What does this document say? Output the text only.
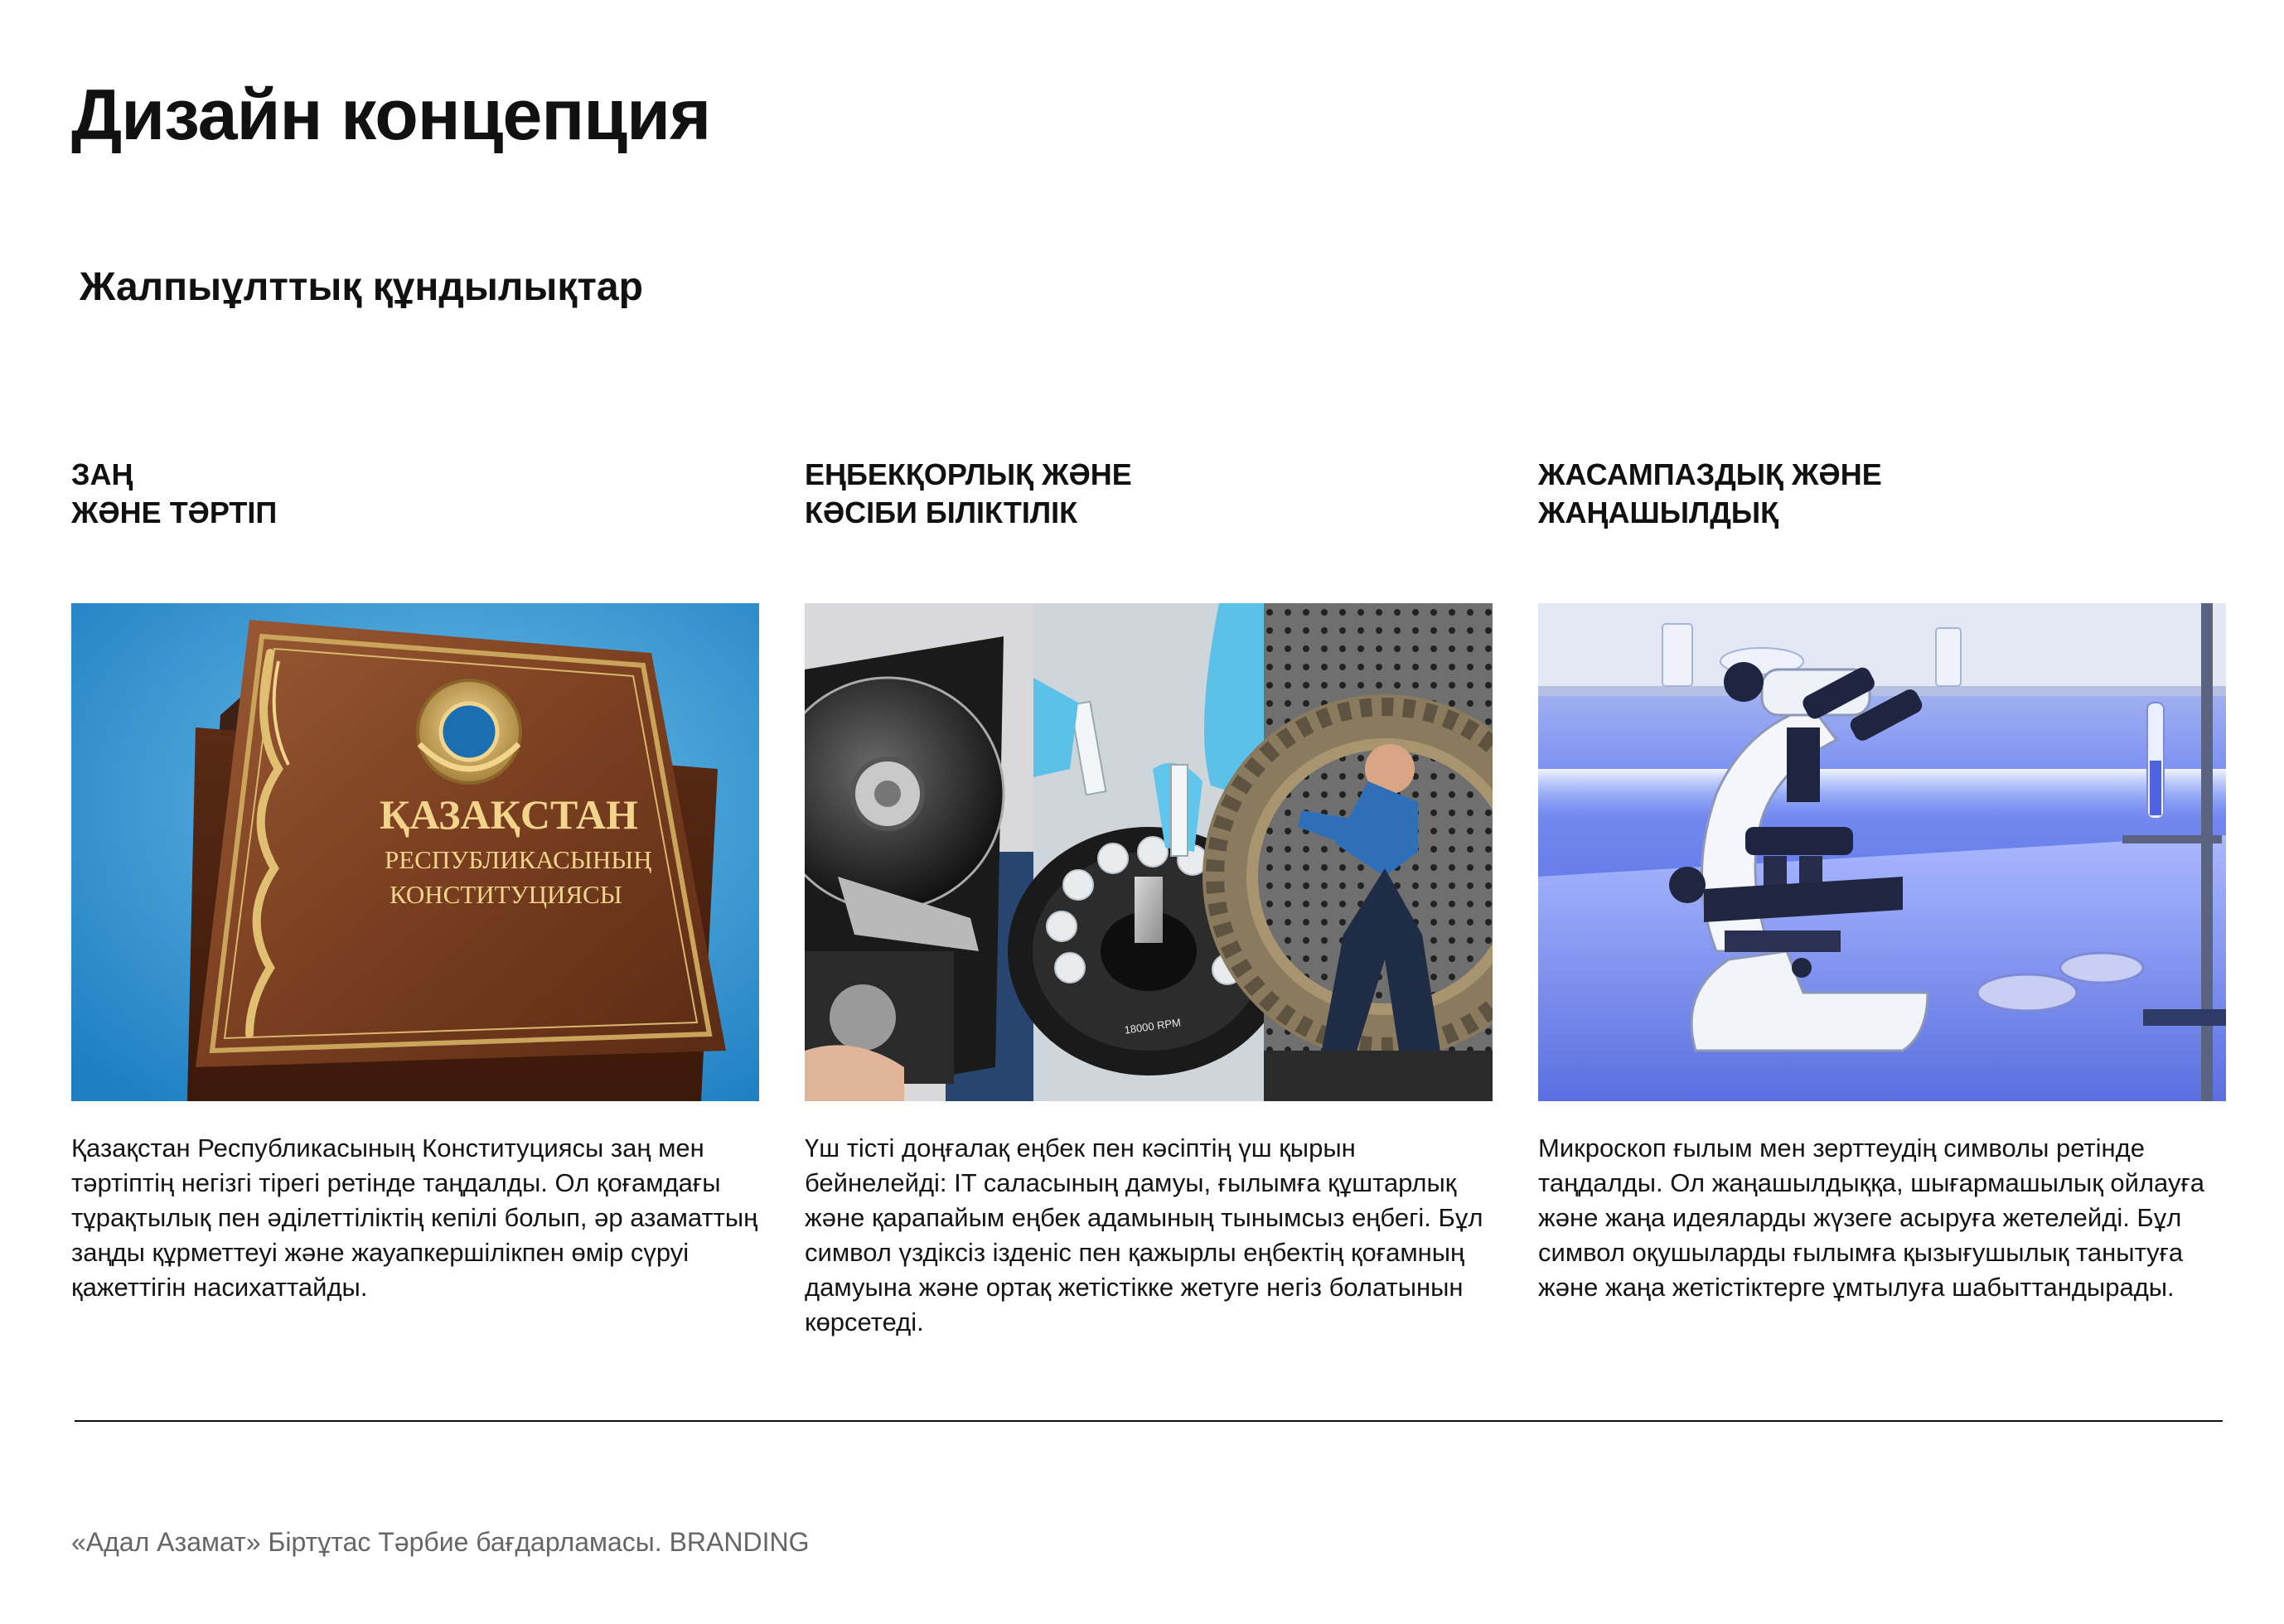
Дизайн концепция
Жалпыұлттық құндылықтар
ЗАҢ
ЖӘНЕ ТӘРТІП
ҚАЗАҚСТАН
РЕСПУБЛИКАСЫНЫҢ
КОНСТИТУЦИЯСЫ

Қазақстан Республикасының Конституциясы заң мен тәртіптің негізгі тірегі ретінде таңдалды. Ол қоғамдағы тұрақтылық пен әділеттіліктің кепілі болып, әр азаматтың заңды құрметтеуі және жауапкершілікпен өмір сүруі қажеттігін насихаттайды.

ЕҢБЕКҚОРЛЫҚ ЖӘНЕ
КӘСІБИ БІЛІКТІЛІК
18000 RPM

Үш тісті доңғалақ еңбек пен кәсіптің үш қырын бейнелейді: IT саласының дамуы, ғылымға құштарлық және қарапайым еңбек адамының тынымсыз еңбегі. Бұл символ үздіксіз ізденіс пен қажырлы еңбектің қоғамның дамуына және ортақ жетістікке жетуге негіз болатынын көрсетеді.

ЖАСАМПАЗДЫҚ ЖӘНЕ
ЖАҢАШЫЛДЫҚ

Микроскоп ғылым мен зерттеудің символы ретінде таңдалды. Ол жаңашылдыққа, шығармашылық ойлауға және жаңа идеяларды жүзеге асыруға жетелейді. Бұл символ оқушыларды ғылымға қызығушылық танытуға және жаңа жетістіктерге ұмтылуға шабыттандырады.

«Адал Азамат» Біртұтас Тәрбие бағдарламасы. BRANDING
